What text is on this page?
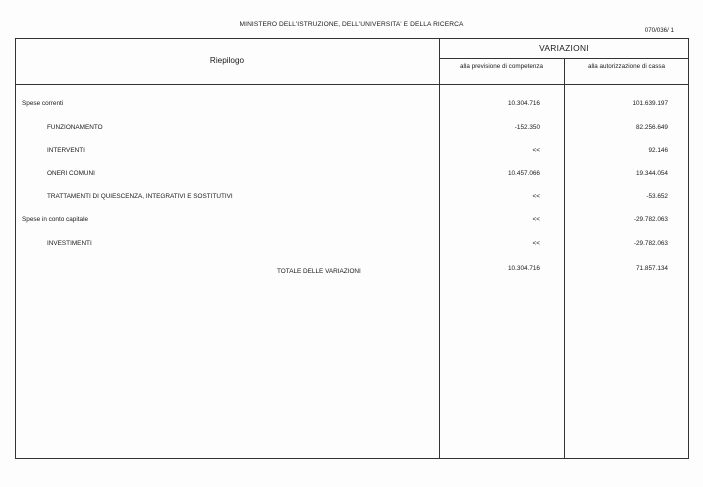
MINISTERO DELL'ISTRUZIONE, DELL'UNIVERSITA' E DELLA RICERCA
070/036/ 1
Riepilogo
VARIAZIONI
alla previsione di competenza	alla autorizzazione di cassa
Spese correnti	10.304.716	101.639.197
FUNZIONAMENTO	-152.350	82.256.649
INTERVENTI	<<	92.146
ONERI COMUNI	10.457.066	19.344.054
TRATTAMENTI DI QUIESCENZA, INTEGRATIVI E SOSTITUTIVI	<<	-53.652
Spese in conto capitale	<<	-29.782.063
INVESTIMENTI	<<	-29.782.063
TOTALE DELLE VARIAZIONI	10.304.716	71.857.134
